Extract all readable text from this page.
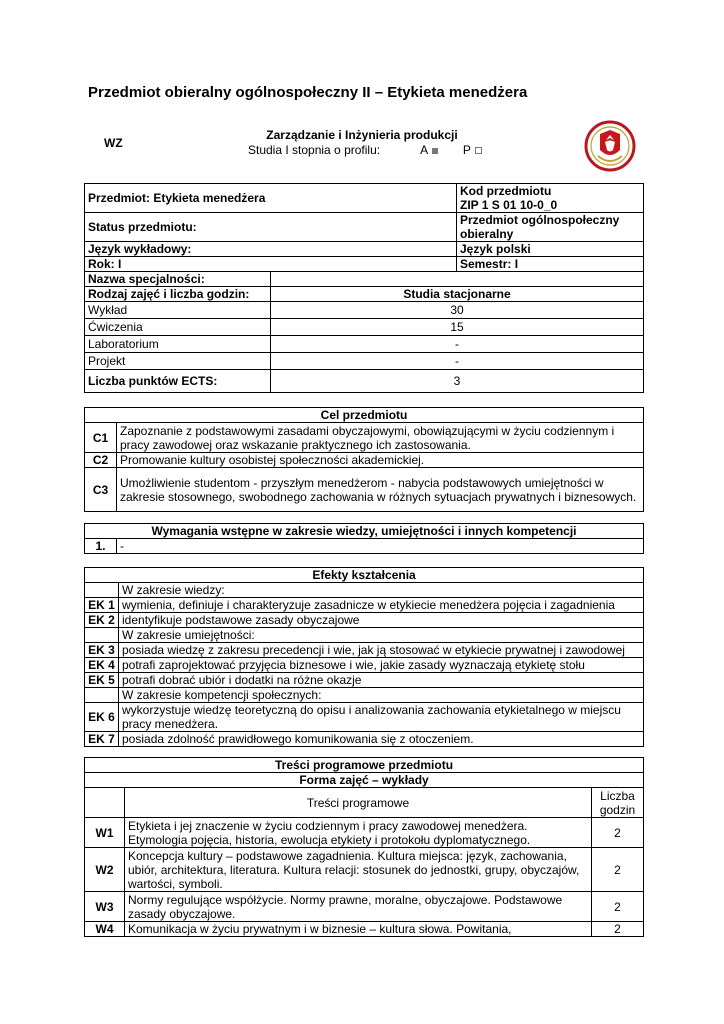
Przedmiot obieralny ogólnospołeczny II – Etykieta menedżera
WZ
Zarządzanie i Inżynieria produkcji
Studia I stopnia o profilu:	A	P
Przedmiot: Etykieta menedżera		Kod przedmiotu
ZIP 1 S 01 10-0_0

Status przedmiotu:		Przedmiot ogólnospołeczny obieralny
Język wykładowy:		Język polski
Rok: I		Semestr: I
Nazwa specjalności:		
Rodzaj zajęć i liczba godzin:	Studia stacjonarne	
Wykład	30	
Ćwiczenia	15	
Laboratorium	-	
Projekt	-	
Liczba punktów ECTS:	3	
Cel przedmiotu	
C1	Zapoznanie z podstawowymi zasadami obyczajowymi, obowiązującymi w życiu codziennym i pracy zawodowej oraz wskazanie praktycznego ich zastosowania.
C2	Promowanie kultury osobistej społeczności akademickiej.
C3	Umożliwienie studentom - przyszłym menedżerom - nabycia podstawowych umiejętności w zakresie stosownego, swobodnego zachowania w różnych sytuacjach prywatnych i biznesowych.
Wymagania wstępne w zakresie wiedzy, umiejętności i innych kompetencji
1.	-
Efekty kształcenia	
	W zakresie wiedzy:
EK 1	wymienia, definiuje i charakteryzuje zasadnicze w etykiecie menedżera pojęcia i zagadnienia
EK 2	identyfikuje podstawowe zasady obyczajowe
	W zakresie umiejętności:
EK 3	posiada wiedzę z zakresu precedencji i wie, jak ją stosować w etykiecie prywatnej i zawodowej
EK 4	potrafi zaprojektować przyjęcia biznesowe i wie, jakie zasady wyznaczają etykietę stołu
EK 5	potrafi dobrać ubiór i dodatki na różne okazje
	W zakresie kompetencji społecznych:
EK 6	wykorzystuje wiedzę teoretyczną do opisu i analizowania zachowania etykietalnego w miejscu pracy menedżera.
EK 7	posiada zdolność prawidłowego komunikowania się z otoczeniem.
Treści programowe przedmiotu		
Forma zajęć – wykłady		
	Treści programowe	Liczba godzin
W1	Etykieta i jej znaczenie w życiu codziennym i pracy zawodowej menedżera. Etymologia pojęcia, historia, ewolucja etykiety i protokołu dyplomatycznego.	2
W2	Koncepcja kultury – podstawowe zagadnienia. Kultura miejsca: język, zachowania, ubiór, architektura, literatura. Kultura relacji: stosunek do jednostki, grupy, obyczajów, wartości, symboli.	2
W3	Normy regulujące współżycie. Normy prawne, moralne, obyczajowe. Podstawowe zasady obyczajowe.	2
W4	Komunikacja w życiu prywatnym i w biznesie – kultura słowa. Powitania,	2
